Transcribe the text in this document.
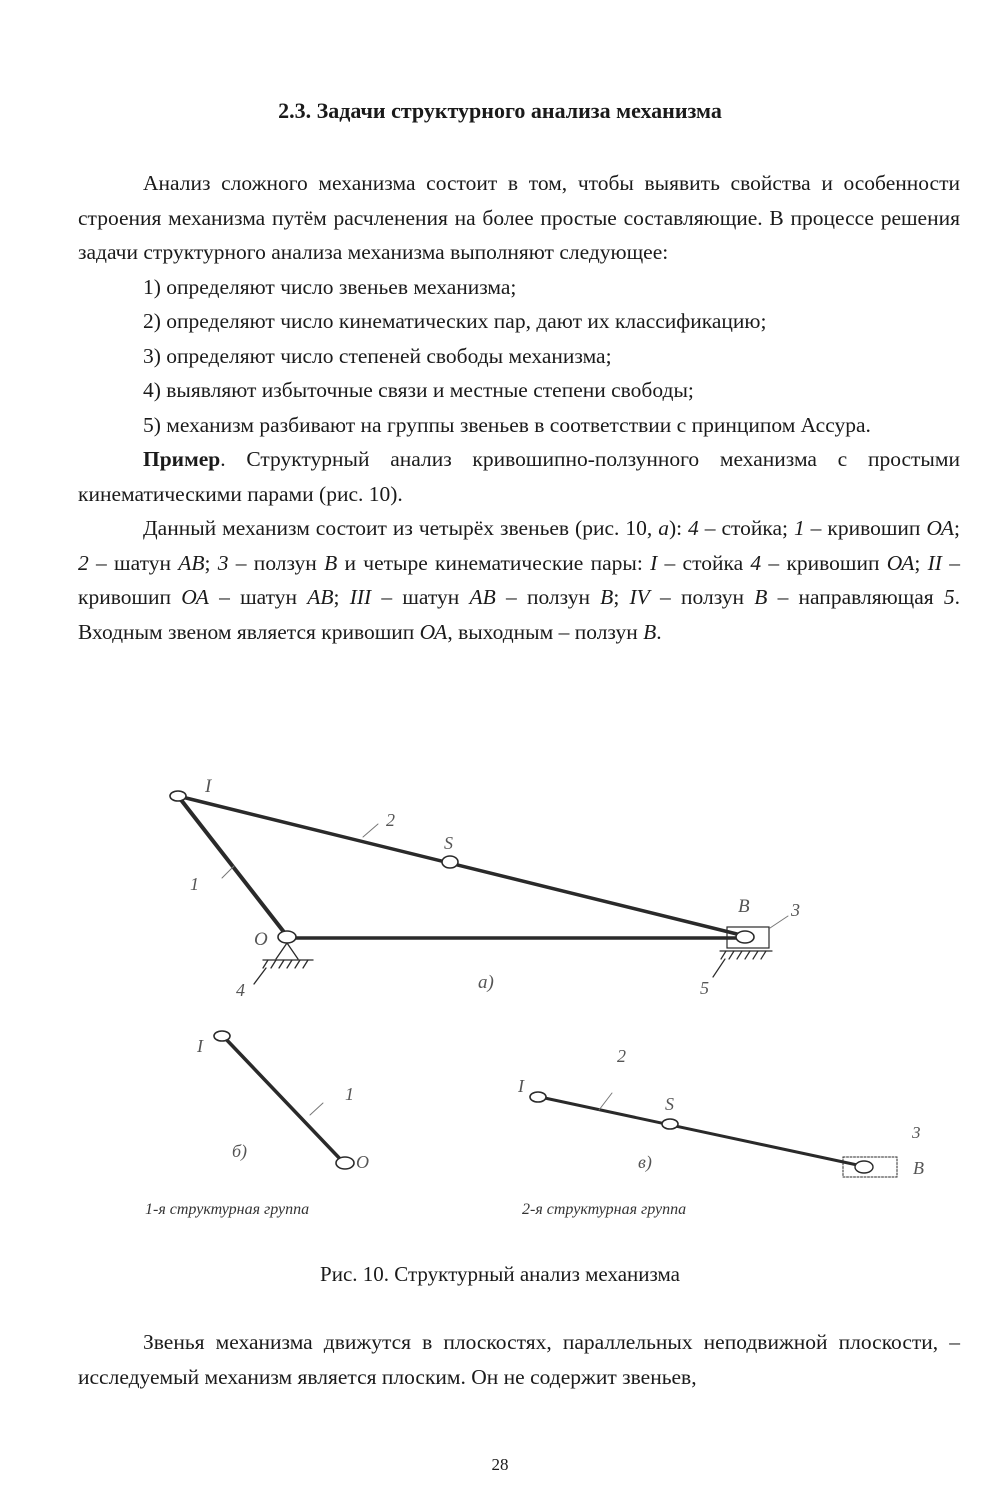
2.3. Задачи структурного анализа механизма

Анализ сложного механизма состоит в том, чтобы выявить свойства и особенности строения механизма путём расчленения на более простые составляющие. В процессе решения задачи структурного анализа механизма выполняют следующее:

1) определяют число звеньев механизма;

2) определяют число кинематических пар, дают их классификацию;

3) определяют число степеней свободы механизма;

4) выявляют избыточные связи и местные степени свободы;

5) механизм разбивают на группы звеньев в соответствии с принципом Ассура.

Пример. Структурный анализ кривошипно-ползунного механизма с простыми кинематическими парами (рис. 10).

Данный механизм состоит из четырёх звеньев (рис. 10, а): 4 – стойка; 1 – кривошип ОА; 2 – шатун АВ; 3 – ползун В и четыре кинематические пары: I – стойка 4 – кривошип ОА; II – кривошип ОА – шатун АВ; III – шатун АВ – ползун В; IV – ползун В – направляющая 5. Входным звеном является кривошип ОА, выходным – ползун В.

I
2
S
1
B 3
O
4	а)	5
I
1
б)
O
I
2
S
3
в)	B
1-я структурная группа	2-я структурная группа
Рис. 10. Структурный анализ механизма

Звенья механизма движутся в плоскостях, параллельных неподвижной плоскости, – исследуемый механизм является плоским. Он не содержит звеньев,

28
